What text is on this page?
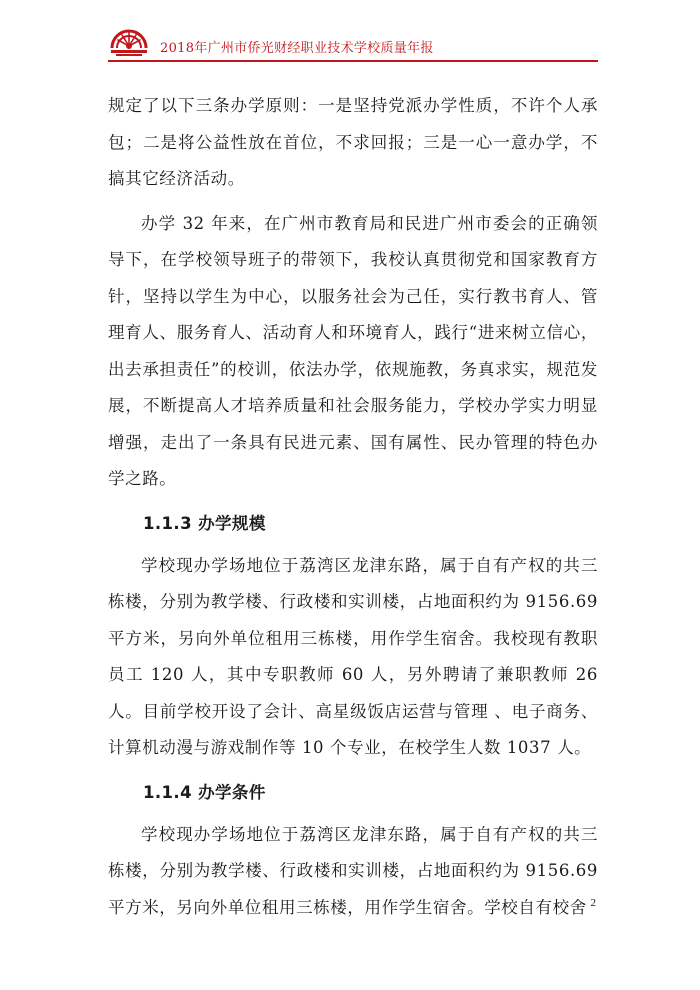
2018年广州市侨光财经职业技术学校质量年报

规定了以下三条办学原则：一是坚持党派办学性质，不许个人承包；二是将公益性放在首位，不求回报；三是一心一意办学，不搞其它经济活动。

办学 32 年来，在广州市教育局和民进广州市委会的正确领导下，在学校领导班子的带领下，我校认真贯彻党和国家教育方针，坚持以学生为中心，以服务社会为己任，实行教书育人、管理育人、服务育人、活动育人和环境育人，践行“进来树立信心，出去承担责任”的校训，依法办学，依规施教，务真求实，规范发展，不断提高人才培养质量和社会服务能力，学校办学实力明显增强，走出了一条具有民进元素、国有属性、民办管理的特色办学之路。

1.1.3 办学规模

学校现办学场地位于荔湾区龙津东路，属于自有产权的共三栋楼，分别为教学楼、行政楼和实训楼，占地面积约为 9156.69 平方米，另向外单位租用三栋楼，用作学生宿舍。我校现有教职员工 120 人，其中专职教师 60 人，另外聘请了兼职教师 26 人。目前学校开设了会计、高星级饭店运营与管理 、电子商务、计算机动漫与游戏制作等 10 个专业，在校学生人数 1037 人。

1.1.4 办学条件

学校现办学场地位于荔湾区龙津东路，属于自有产权的共三栋楼，分别为教学楼、行政楼和实训楼，占地面积约为 9156.69 平方米，另向外单位租用三栋楼，用作学生宿舍。学校自有校舍 2
